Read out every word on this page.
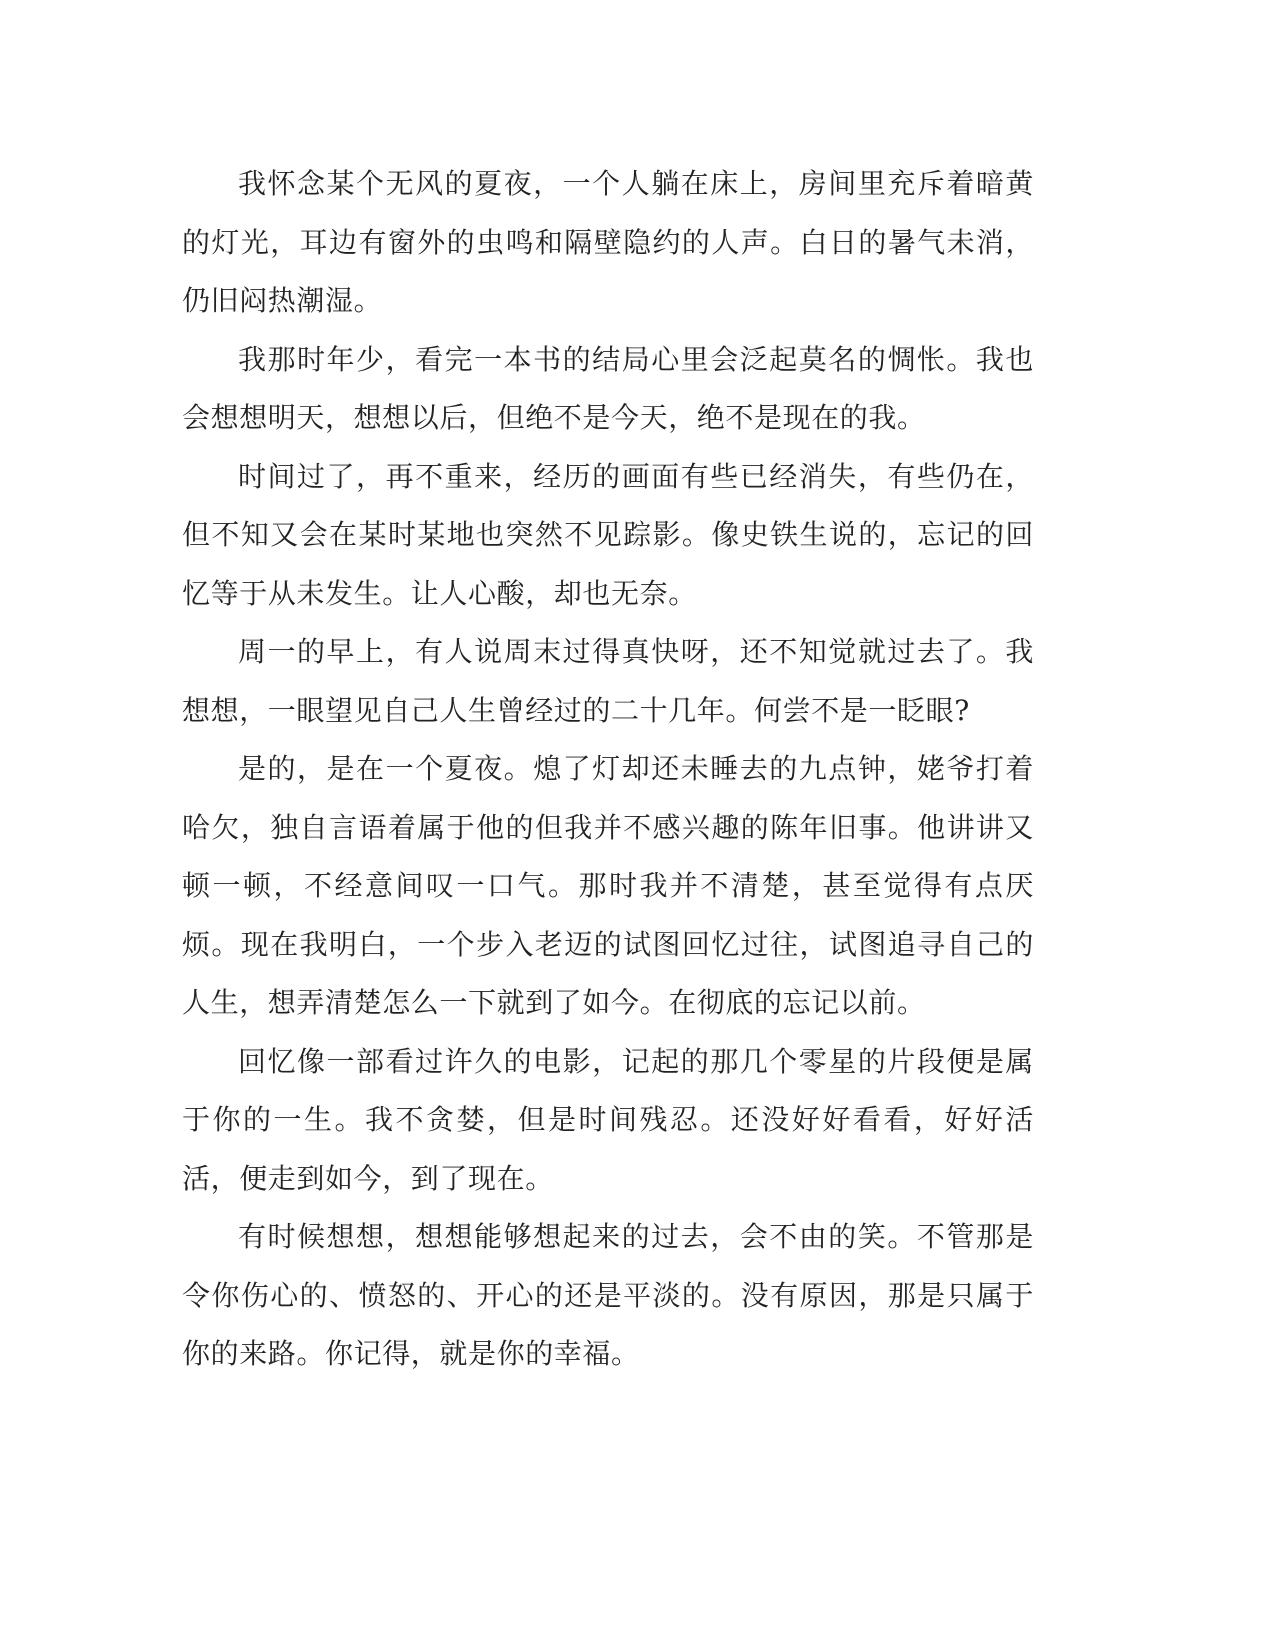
我怀念某个无风的夏夜，一个人躺在床上，房间里充斥着暗黄的灯光，耳边有窗外的虫鸣和隔壁隐约的人声。白日的暑气未消，仍旧闷热潮湿。

我那时年少，看完一本书的结局心里会泛起莫名的惆怅。我也会想想明天，想想以后，但绝不是今天，绝不是现在的我。

时间过了，再不重来，经历的画面有些已经消失，有些仍在，但不知又会在某时某地也突然不见踪影。像史铁生说的，忘记的回忆等于从未发生。让人心酸，却也无奈。

周一的早上，有人说周末过得真快呀，还不知觉就过去了。我想想，一眼望见自己人生曾经过的二十几年。何尝不是一眨眼?

是的，是在一个夏夜。熄了灯却还未睡去的九点钟，姥爷打着哈欠，独自言语着属于他的但我并不感兴趣的陈年旧事。他讲讲又顿一顿，不经意间叹一口气。那时我并不清楚，甚至觉得有点厌烦。现在我明白，一个步入老迈的试图回忆过往，试图追寻自己的人生，想弄清楚怎么一下就到了如今。在彻底的忘记以前。

回忆像一部看过许久的电影，记起的那几个零星的片段便是属于你的一生。我不贪婪，但是时间残忍。还没好好看看，好好活活，便走到如今，到了现在。

有时候想想，想想能够想起来的过去，会不由的笑。不管那是令你伤心的、愤怒的、开心的还是平淡的。没有原因，那是只属于你的来路。你记得，就是你的幸福。
